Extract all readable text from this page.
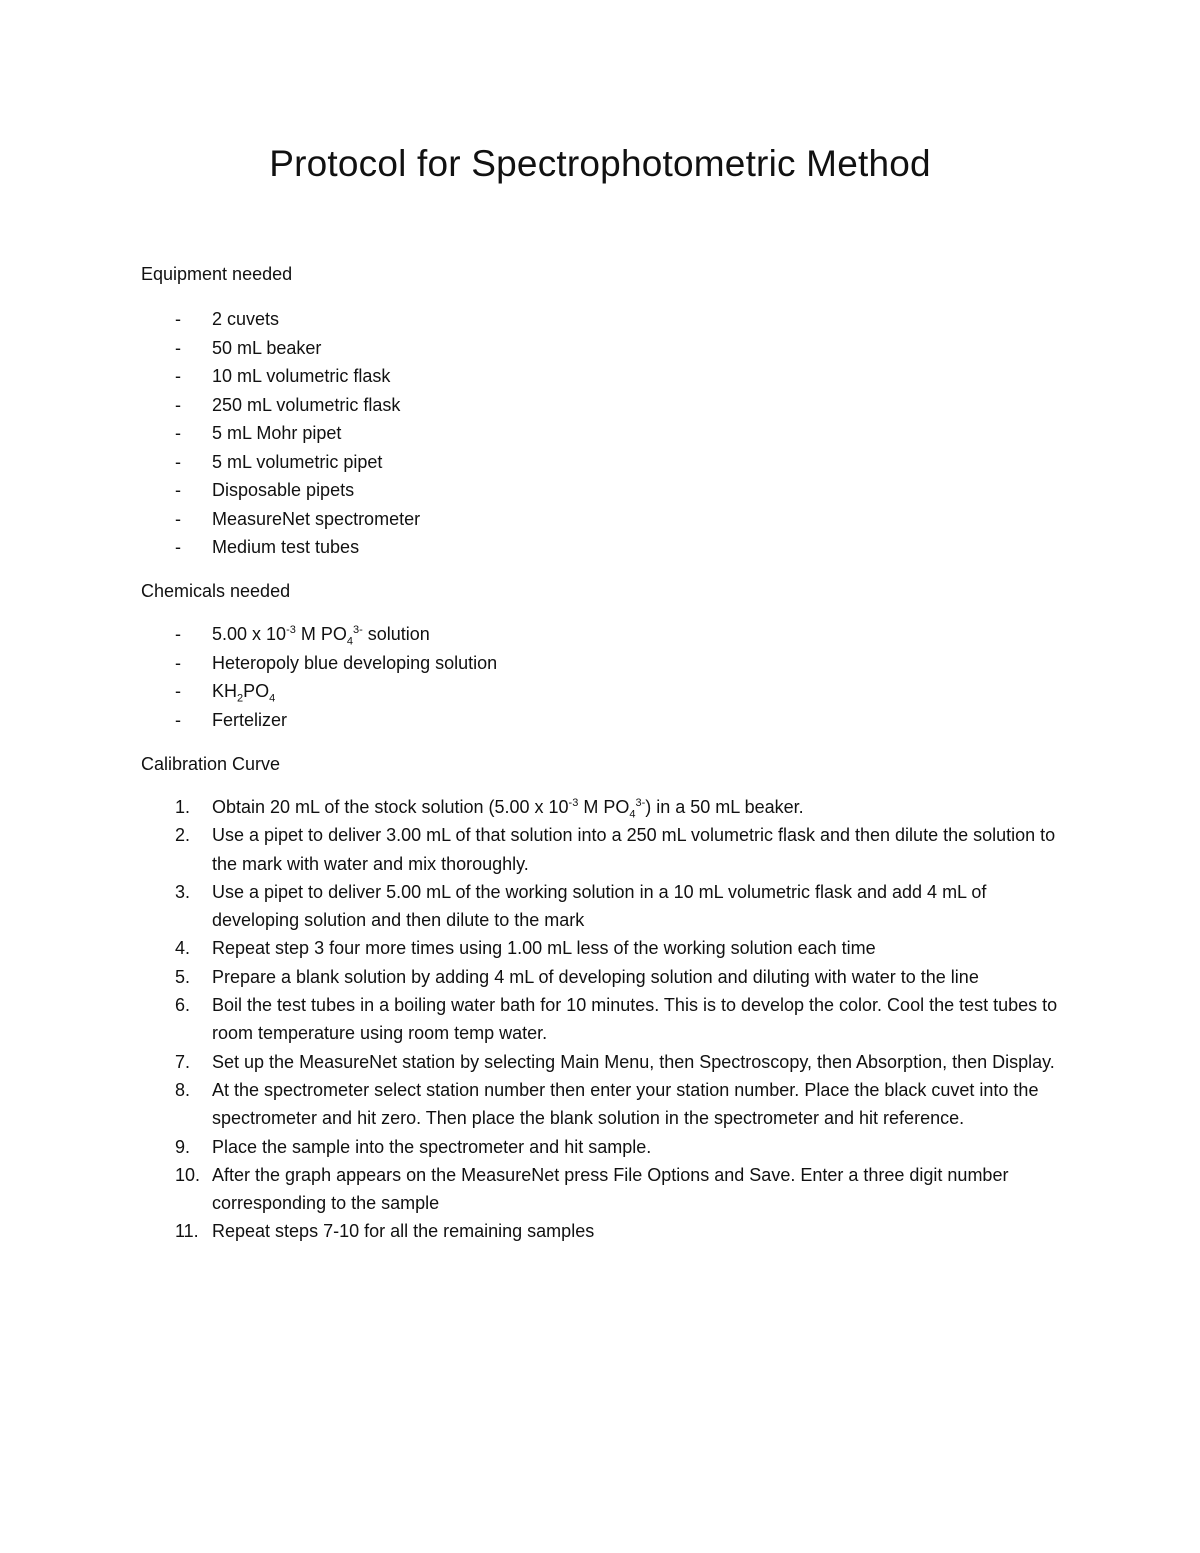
Protocol for Spectrophotometric Method

Equipment needed

- 2 cuvets
- 50 mL beaker
- 10 mL volumetric flask
- 250 mL volumetric flask
- 5 mL Mohr pipet
- 5 mL volumetric pipet
- Disposable pipets
- MeasureNet spectrometer
- Medium test tubes

Chemicals needed

- 5.00 x $10^{-3}$ M $PO_4^{3-}$ solution
- Heteropoly blue developing solution
- $KH_2PO_4$
- Fertelizer

Calibration Curve

1. Obtain 20 mL of the stock solution (5.00 x $10^{-3}$ M $PO_4^{3-}$) in a 50 mL beaker.
2. Use a pipet to deliver 3.00 mL of that solution into a 250 mL volumetric flask and then dilute the solution to the mark with water and mix thoroughly.
3. Use a pipet to deliver 5.00 mL of the working solution in a 10 mL volumetric flask and add 4 mL of developing solution and then dilute to the mark
4. Repeat step 3 four more times using 1.00 mL less of the working solution each time
5. Prepare a blank solution by adding 4 mL of developing solution and diluting with water to the line
6. Boil the test tubes in a boiling water bath for 10 minutes. This is to develop the color. Cool the test tubes to room temperature using room temp water.
7. Set up the MeasureNet station by selecting Main Menu, then Spectroscopy, then Absorption, then Display.
8. At the spectrometer select station number then enter your station number. Place the black cuvet into the spectrometer and hit zero. Then place the blank solution in the spectrometer and hit reference.
9. Place the sample into the spectrometer and hit sample.
10. After the graph appears on the MeasureNet press File Options and Save. Enter a three digit number corresponding to the sample
11. Repeat steps 7-10 for all the remaining samples
